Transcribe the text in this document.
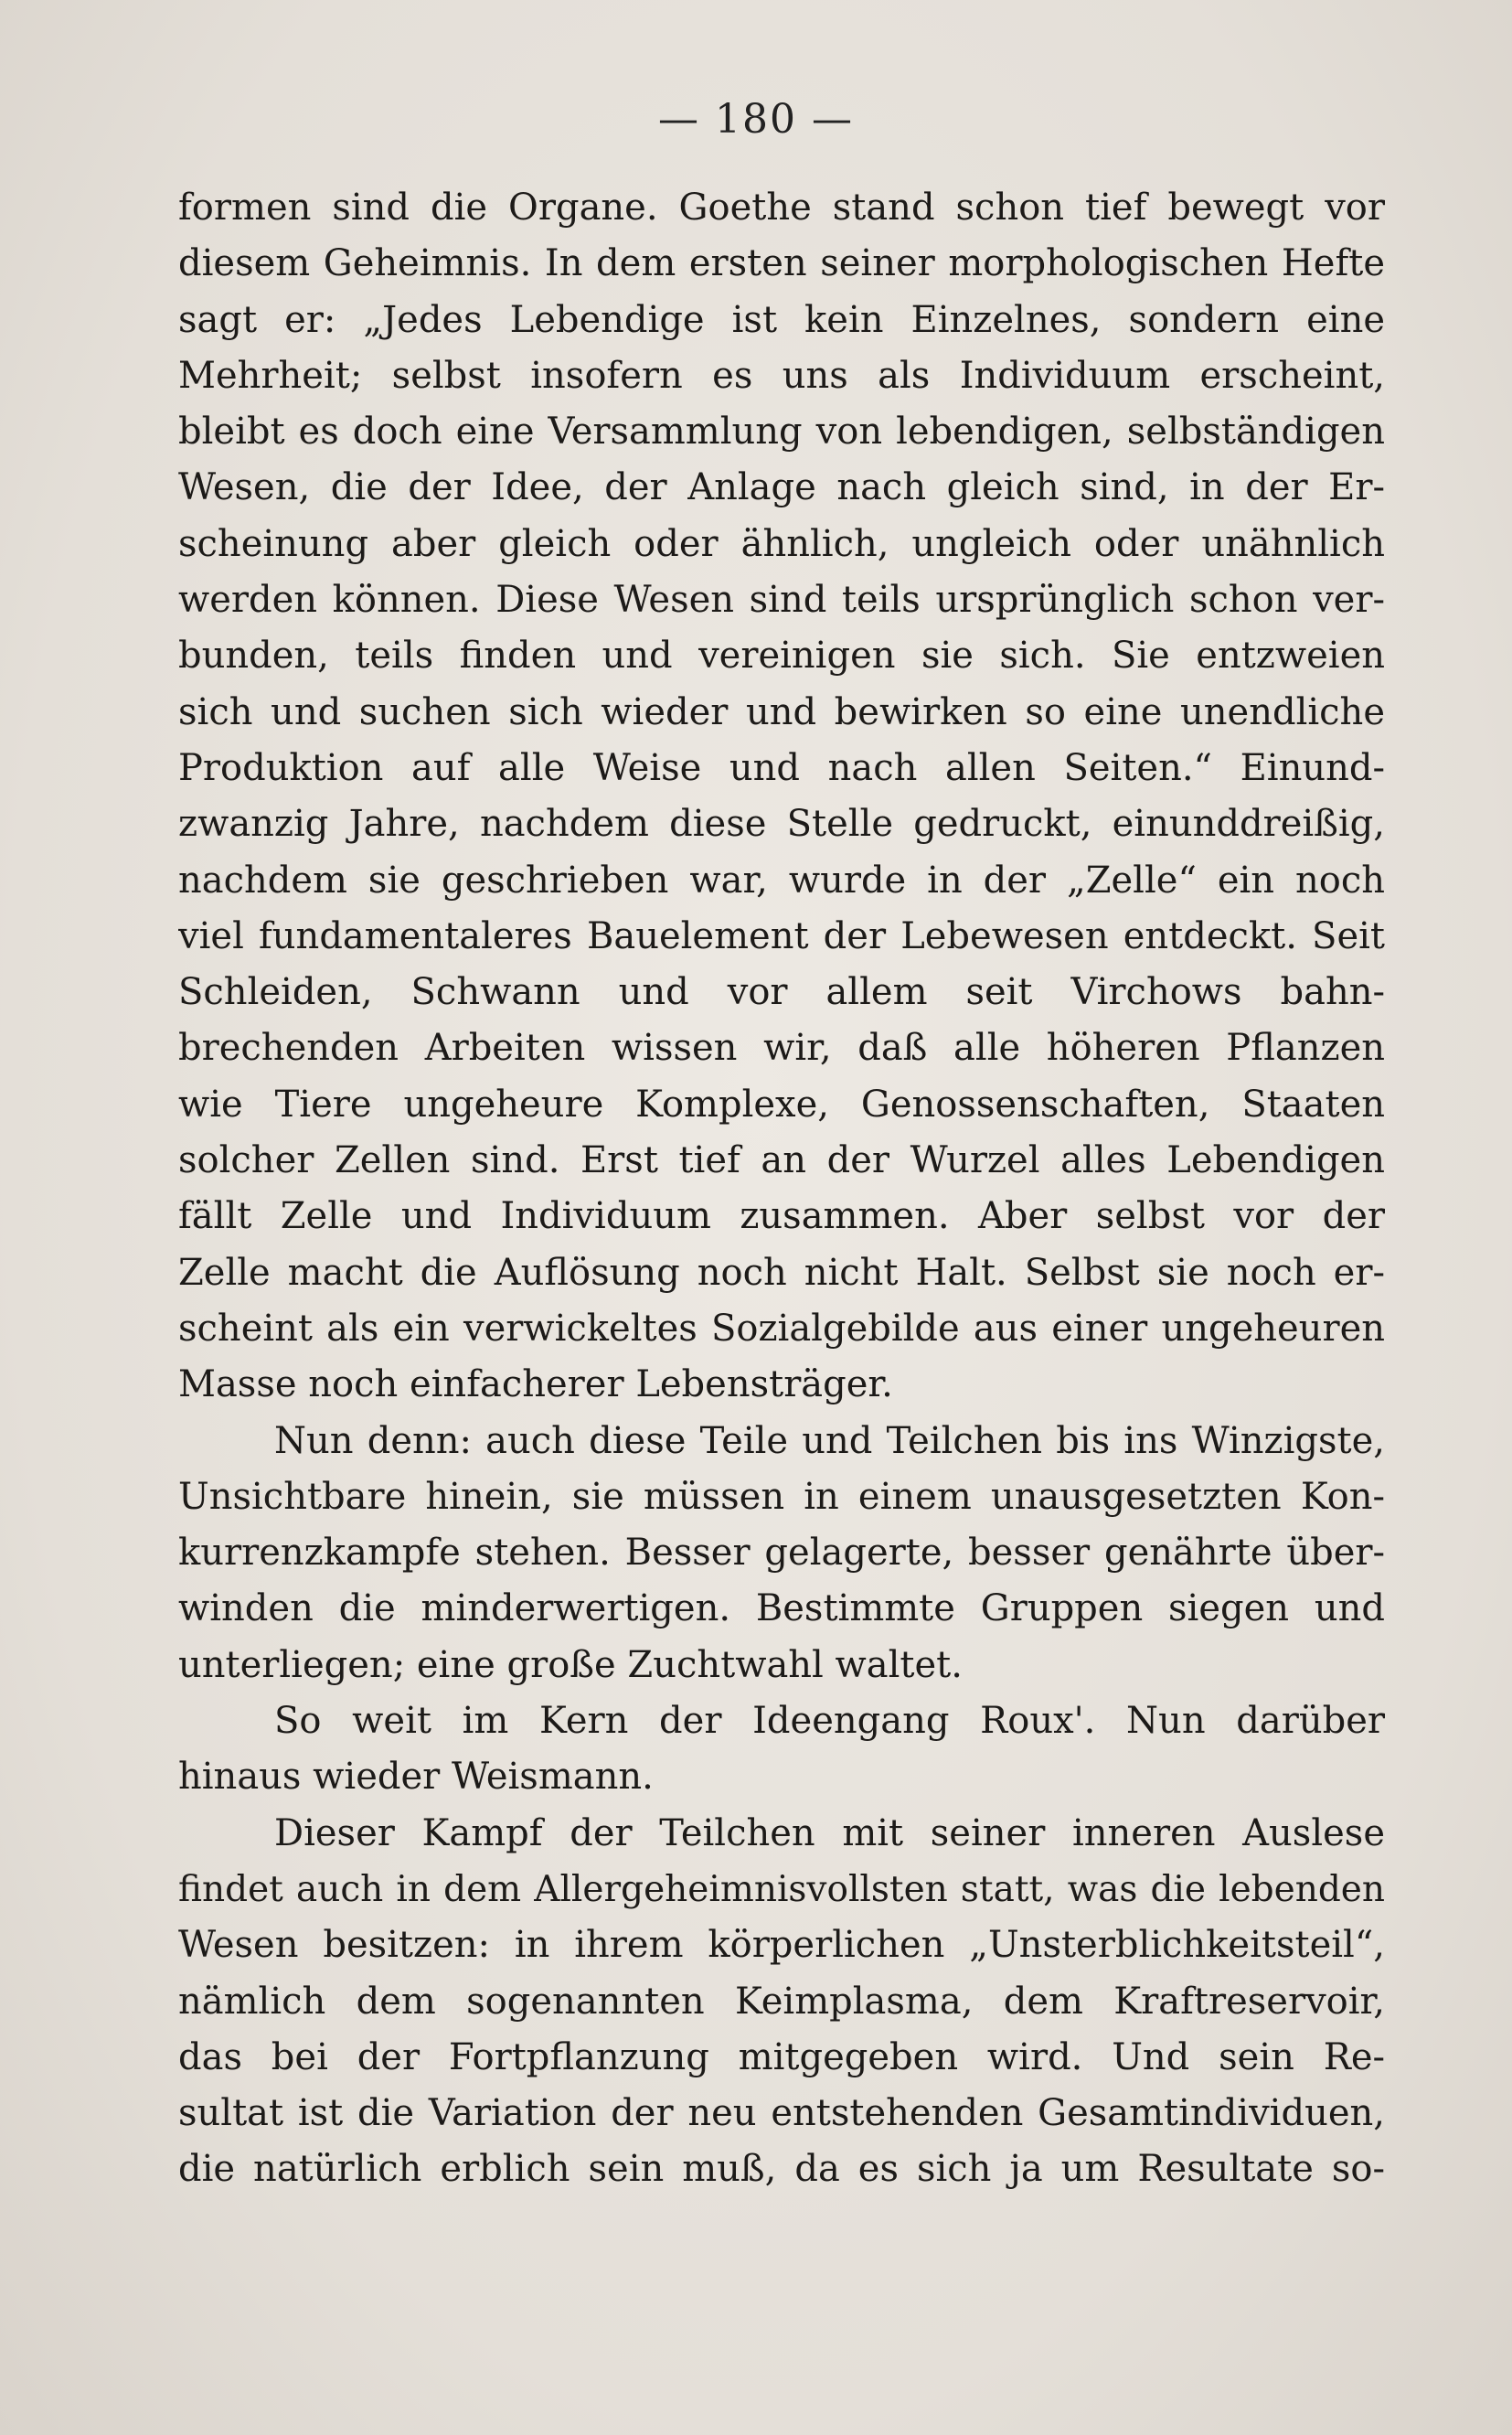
— 180 —
formen sind die Organe. Goethe stand schon tief bewegt vor
diesem Geheimnis. In dem ersten seiner morphologischen Hefte
sagt er: „Jedes Lebendige ist kein Einzelnes, sondern eine
Mehrheit; selbst insofern es uns als Individuum erscheint,
bleibt es doch eine Versammlung von lebendigen, selbständigen
Wesen, die der Idee, der Anlage nach gleich sind, in der Er-
scheinung aber gleich oder ähnlich, ungleich oder unähnlich
werden können. Diese Wesen sind teils ursprünglich schon ver-
bunden, teils finden und vereinigen sie sich. Sie entzweien
sich und suchen sich wieder und bewirken so eine unendliche
Produktion auf alle Weise und nach allen Seiten.“ Einund-
zwanzig Jahre, nachdem diese Stelle gedruckt, einunddreißig,
nachdem sie geschrieben war, wurde in der „Zelle“ ein noch
viel fundamentaleres Bauelement der Lebewesen entdeckt. Seit
Schleiden, Schwann und vor allem seit Virchows bahn-
brechenden Arbeiten wissen wir, daß alle höheren Pflanzen
wie Tiere ungeheure Komplexe, Genossenschaften, Staaten
solcher Zellen sind. Erst tief an der Wurzel alles Lebendigen
fällt Zelle und Individuum zusammen. Aber selbst vor der
Zelle macht die Auflösung noch nicht Halt. Selbst sie noch er-
scheint als ein verwickeltes Sozialgebilde aus einer ungeheuren
Masse noch einfacherer Lebensträger.
Nun denn: auch diese Teile und Teilchen bis ins Winzigste,
Unsichtbare hinein, sie müssen in einem unausgesetzten Kon-
kurrenzkampfe stehen. Besser gelagerte, besser genährte über-
winden die minderwertigen. Bestimmte Gruppen siegen und
unterliegen; eine große Zuchtwahl waltet.
So weit im Kern der Ideengang Roux'. Nun darüber
hinaus wieder Weismann.
Dieser Kampf der Teilchen mit seiner inneren Auslese
findet auch in dem Allergeheimnisvollsten statt, was die lebenden
Wesen besitzen: in ihrem körperlichen „Unsterblichkeitsteil“,
nämlich dem sogenannten Keimplasma, dem Kraftreservoir,
das bei der Fortpflanzung mitgegeben wird. Und sein Re-
sultat ist die Variation der neu entstehenden Gesamtindividuen,
die natürlich erblich sein muß, da es sich ja um Resultate so-
